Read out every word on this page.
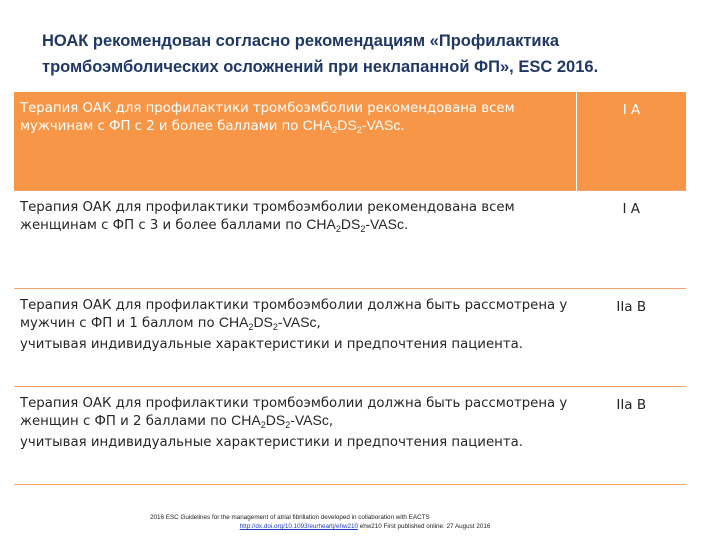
НОАК рекомендован согласно рекомендациям «Профилактика тромбоэмболических осложнений при неклапанной ФП», ESC 2016.
Терапия ОАК для профилактики тромбоэмболии рекомендована всем мужчинам с ФП с 2 и более баллами по $CHA_2DS_2$-VASc.	I A
Терапия ОАК для профилактики тромбоэмболии рекомендована всем женщинам с ФП с 3 и более баллами по $CHA_2DS_2$-VASc.	I A
Терапия ОАК для профилактики тромбоэмболии должна быть рассмотрена у мужчин с ФП и 1 баллом по $CHA_2DS_2$-VASc,
учитывая индивидуальные характеристики и предпочтения пациента.	IIa B
Терапия ОАК для профилактики тромбоэмболии должна быть рассмотрена у женщин с ФП и 2 баллами по $CHA_2DS_2$-VASc,
учитывая индивидуальные характеристики и предпочтения пациента.	IIa B
2016 ESC Guidelines for the management of atrial fibrillation developed in collaboration with EACTS
http://dx.doi.org/10.1093/eurheartj/ehw210 ehw210 First published online: 27 August 2016
